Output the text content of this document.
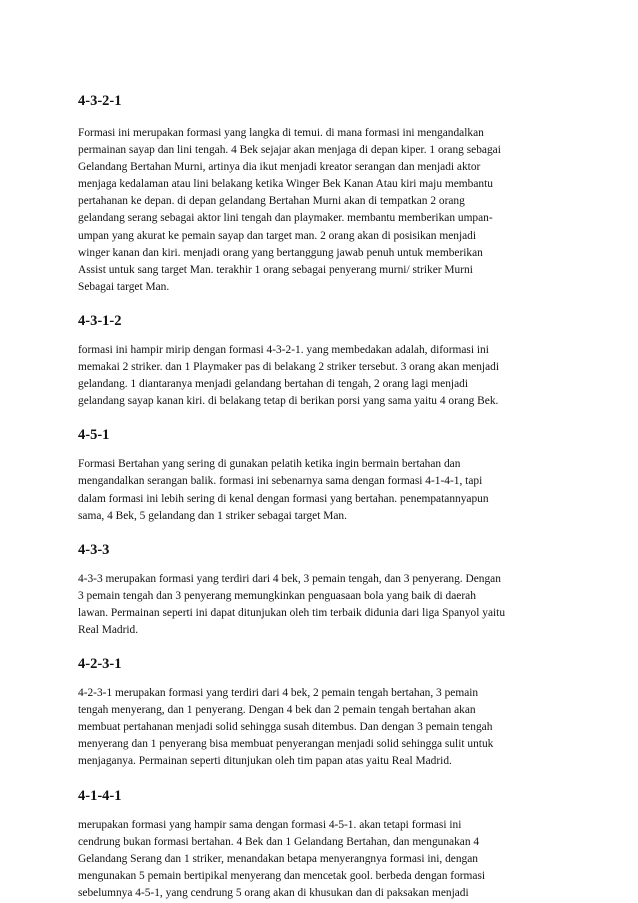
4-3-2-1

Formasi ini merupakan formasi yang langka di temui. di mana formasi ini mengandalkan
permainan sayap dan lini tengah. 4 Bek sejajar akan menjaga di depan kiper. 1 orang sebagai
Gelandang Bertahan Murni, artinya dia ikut menjadi kreator serangan dan menjadi aktor
menjaga kedalaman atau lini belakang ketika Winger Bek Kanan Atau kiri maju membantu
pertahanan ke depan. di depan gelandang Bertahan Murni akan di tempatkan 2 orang
gelandang serang sebagai aktor lini tengah dan playmaker. membantu memberikan umpan-
umpan yang akurat ke pemain sayap dan target man. 2 orang akan di posisikan menjadi
winger kanan dan kiri. menjadi orang yang bertanggung jawab penuh untuk memberikan
Assist untuk sang target Man. terakhir 1 orang sebagai penyerang murni/ striker Murni
Sebagai target Man.

4-3-1-2

formasi ini hampir mirip dengan formasi 4-3-2-1. yang membedakan adalah, diformasi ini
memakai 2 striker. dan 1 Playmaker pas di belakang 2 striker tersebut. 3 orang akan menjadi
gelandang. 1 diantaranya menjadi gelandang bertahan di tengah, 2 orang lagi menjadi
gelandang sayap kanan kiri. di belakang tetap di berikan porsi yang sama yaitu 4 orang Bek.

4-5-1

Formasi Bertahan yang sering di gunakan pelatih ketika ingin bermain bertahan dan
mengandalkan serangan balik. formasi ini sebenarnya sama dengan formasi 4-1-4-1, tapi
dalam formasi ini lebih sering di kenal dengan formasi yang bertahan. penempatannyapun
sama, 4 Bek, 5 gelandang dan 1 striker sebagai target Man.

4-3-3

4-3-3 merupakan formasi yang terdiri dari 4 bek, 3 pemain tengah, dan 3 penyerang. Dengan
3 pemain tengah dan 3 penyerang memungkinkan penguasaan bola yang baik di daerah
lawan. Permainan seperti ini dapat ditunjukan oleh tim terbaik didunia dari liga Spanyol yaitu
Real Madrid.

4-2-3-1

4-2-3-1 merupakan formasi yang terdiri dari 4 bek, 2 pemain tengah bertahan, 3 pemain
tengah menyerang, dan 1 penyerang. Dengan 4 bek dan 2 pemain tengah bertahan akan
membuat pertahanan menjadi solid sehingga susah ditembus. Dan dengan 3 pemain tengah
menyerang dan 1 penyerang bisa membuat penyerangan menjadi solid sehingga sulit untuk
menjaganya. Permainan seperti ditunjukan oleh tim papan atas yaitu Real Madrid.

4-1-4-1

merupakan formasi yang hampir sama dengan formasi 4-5-1. akan tetapi formasi ini
cendrung bukan formasi bertahan. 4 Bek dan 1 Gelandang Bertahan, dan mengunakan 4
Gelandang Serang dan 1 striker, menandakan betapa menyerangnya formasi ini, dengan
mengunakan 5 pemain bertipikal menyerang dan mencetak gool. berbeda dengan formasi
sebelumnya 4-5-1, yang cendrung 5 orang akan di khusukan dan di paksakan menjadi
